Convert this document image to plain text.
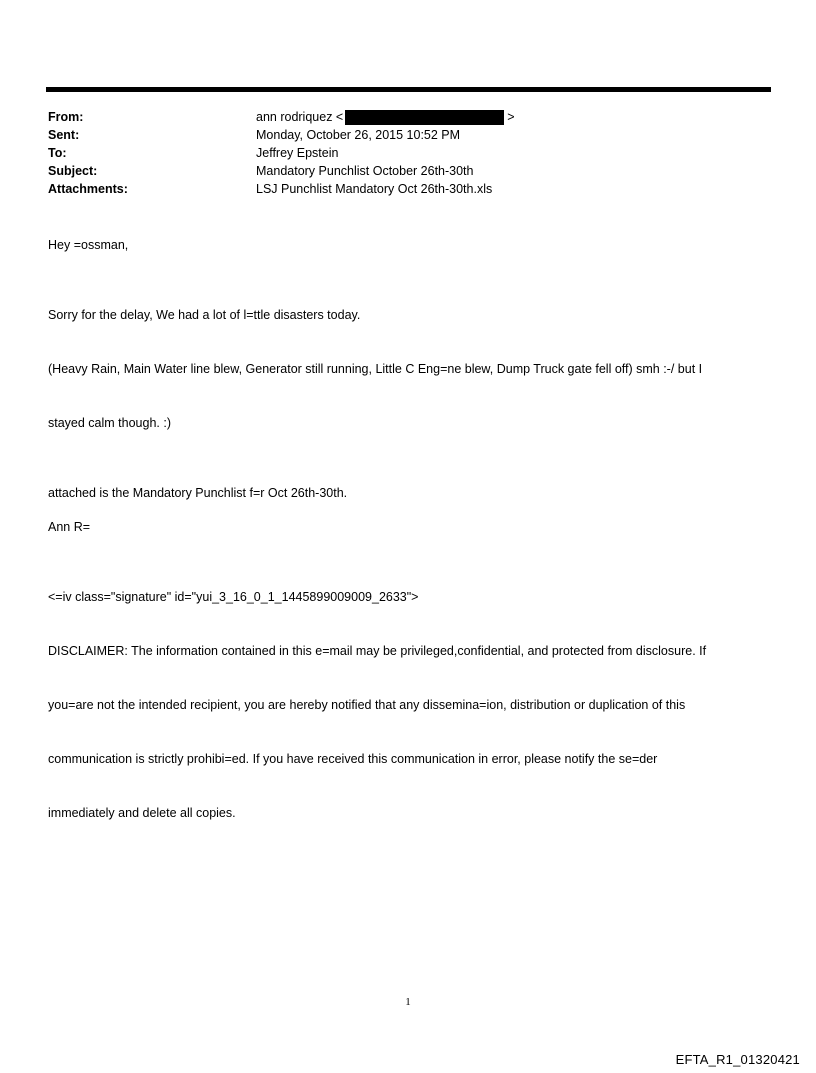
From:	ann rodriquez <	>
Sent:	Monday, October 26, 2015 10:52 PM
To:	Jeffrey Epstein
Subject:	Mandatory Punchlist October 26th-30th
Attachments:	LSJ Punchlist Mandatory Oct 26th-30th.xls

Hey =ossman,

Sorry for the delay, We had a lot of l=ttle disasters today.

(Heavy Rain, Main Water line blew, Generator still running, Little C Eng=ne blew, Dump Truck gate fell off) smh :-/ but I

stayed calm though. :)

attached is the Mandatory Punchlist f=r Oct 26th-30th.

Ann R=

<=iv class="signature" id="yui_3_16_0_1_1445899009009_2633">

DISCLAIMER: The information contained in this e=mail may be privileged,confidential, and protected from disclosure. If

you=are not the intended recipient, you are hereby notified that any dissemina=ion, distribution or duplication of this

communication is strictly prohibi=ed. If you have received this communication in error, please notify the se=der

immediately and delete all copies.

1
EFTA_R1_01320421
